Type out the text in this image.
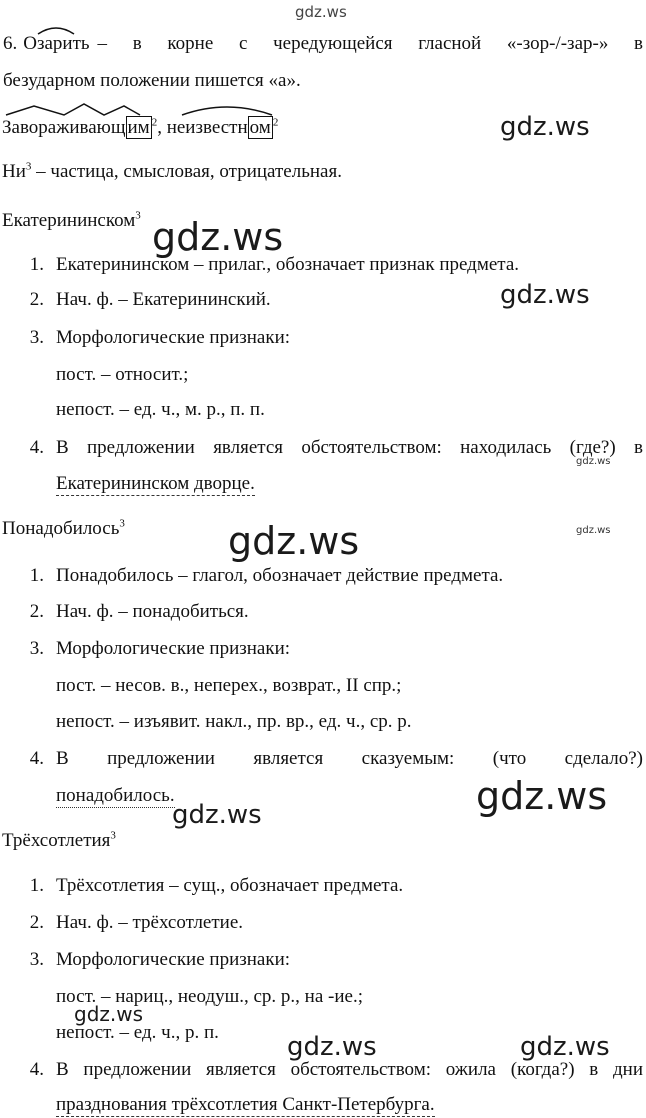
gdz.ws
gdz.ws
gdz.ws
gdz.ws
gdz.ws
gdz.ws
gdz.ws
gdz.ws
gdz.ws
gdz.ws
gdz.ws	gdz.ws
6. Озарить – в корне с чередующейся гласной «-зор-/-зар-» в
безударном положении пишется «а».
Завораживающ им $^2$, неизвестн ом $^2$
$Ни^3$ – частица, смысловая, отрицательная.
Екатерининском$^3$
1. Екатерининском – прилаг., обозначает признак предмета.
2. Нач. ф. – Екатерининский.
3. Морфологические признаки:
пост. – относит.;
непост. – ед. ч., м. р., п. п.
4. В предложении является обстоятельством: находилась (где?) в
Екатерининском дворце.
Понадобилось$^3$
1. Понадобилось – глагол, обозначает действие предмета.
2. Нач. ф. – понадобиться.
3. Морфологические признаки:
пост. – несов. в., неперех., возврат., II спр.;
непост. – изъявит. накл., пр. вр., ед. ч., ср. р.
4. В предложении является сказуемым: (что сделало?)
понадобилось.
Трёхсотлетия$^3$
1. Трёхсотлетия – сущ., обозначает предмета.
2. Нач. ф. – трёхсотлетие.
3. Морфологические признаки:
пост. – нариц., неодуш., ср. р., на -ие.;
непост. – ед. ч., р. п.
4. В предложении является обстоятельством: ожила (когда?) в дни
празднования трёхсотлетия Санкт-Петербурга.
